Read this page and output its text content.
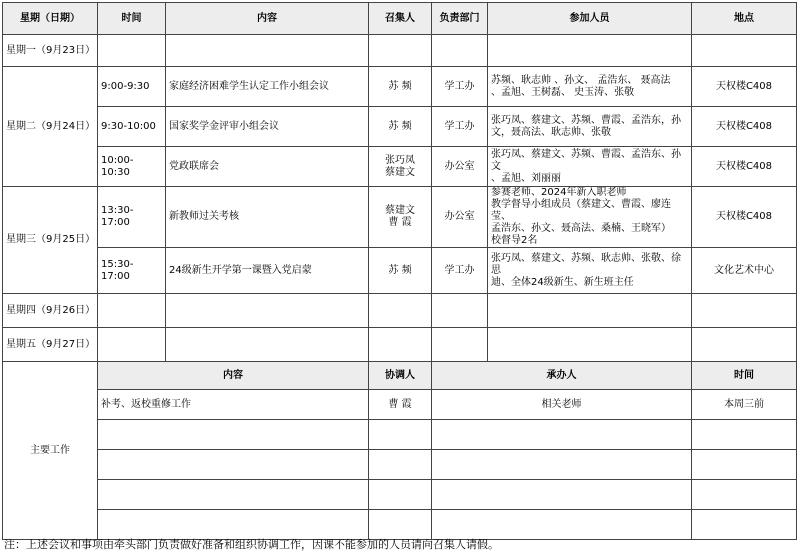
星期（日期）	时间	内容	召集人	负责部门	参加人员	地点
星期一（9月23日）						
星期二（9月24日）	9:00-9:30	家庭经济困难学生认定工作小组会议	苏 频	学工办	苏频、耿志帅 、孙文、 孟浩东、 聂高法
、孟旭、王树磊、 史玉涛、张敬	天权楼C408
	9:30-10:00	国家奖学金评审小组会议	苏 频	学工办	张巧凤、蔡建文、苏频、曹霞、孟浩东，孙
文，聂高法、耿志帅、张敬	天权楼C408
	10:00-10:30	党政联席会	张巧凤
蔡建文	办公室	张巧凤、蔡建文、苏频、曹霞、孟浩东、孙文
、孟旭、刘丽丽	天权楼C408
星期三（9月25日）	13:30-17:00	新教师过关考核	蔡建文
曹 霞	办公室	参赛老师、2024年新入职老师
教学督导小组成员（蔡建文、曹霞、廖连莹、
孟浩东、孙文、聂高法、桑楠、王晓军）
校督导2名	天权楼C408
	15:30-17:00	24级新生开学第一课暨入党启蒙	苏 频	学工办	张巧凤、蔡建文、苏频、耿志帅、张敬、徐思
迪、全体24级新生、新生班主任	文化艺术中心
星期四（9月26日）						
星期五（9月27日）						
主要工作	内容		协调人	承办人		时间
	补考、返校重修工作		曹 霞	相关老师		本周三前

注：上述会议和事项由牵头部门负责做好准备和组织协调工作，因课不能参加的人员请向召集人请假。
